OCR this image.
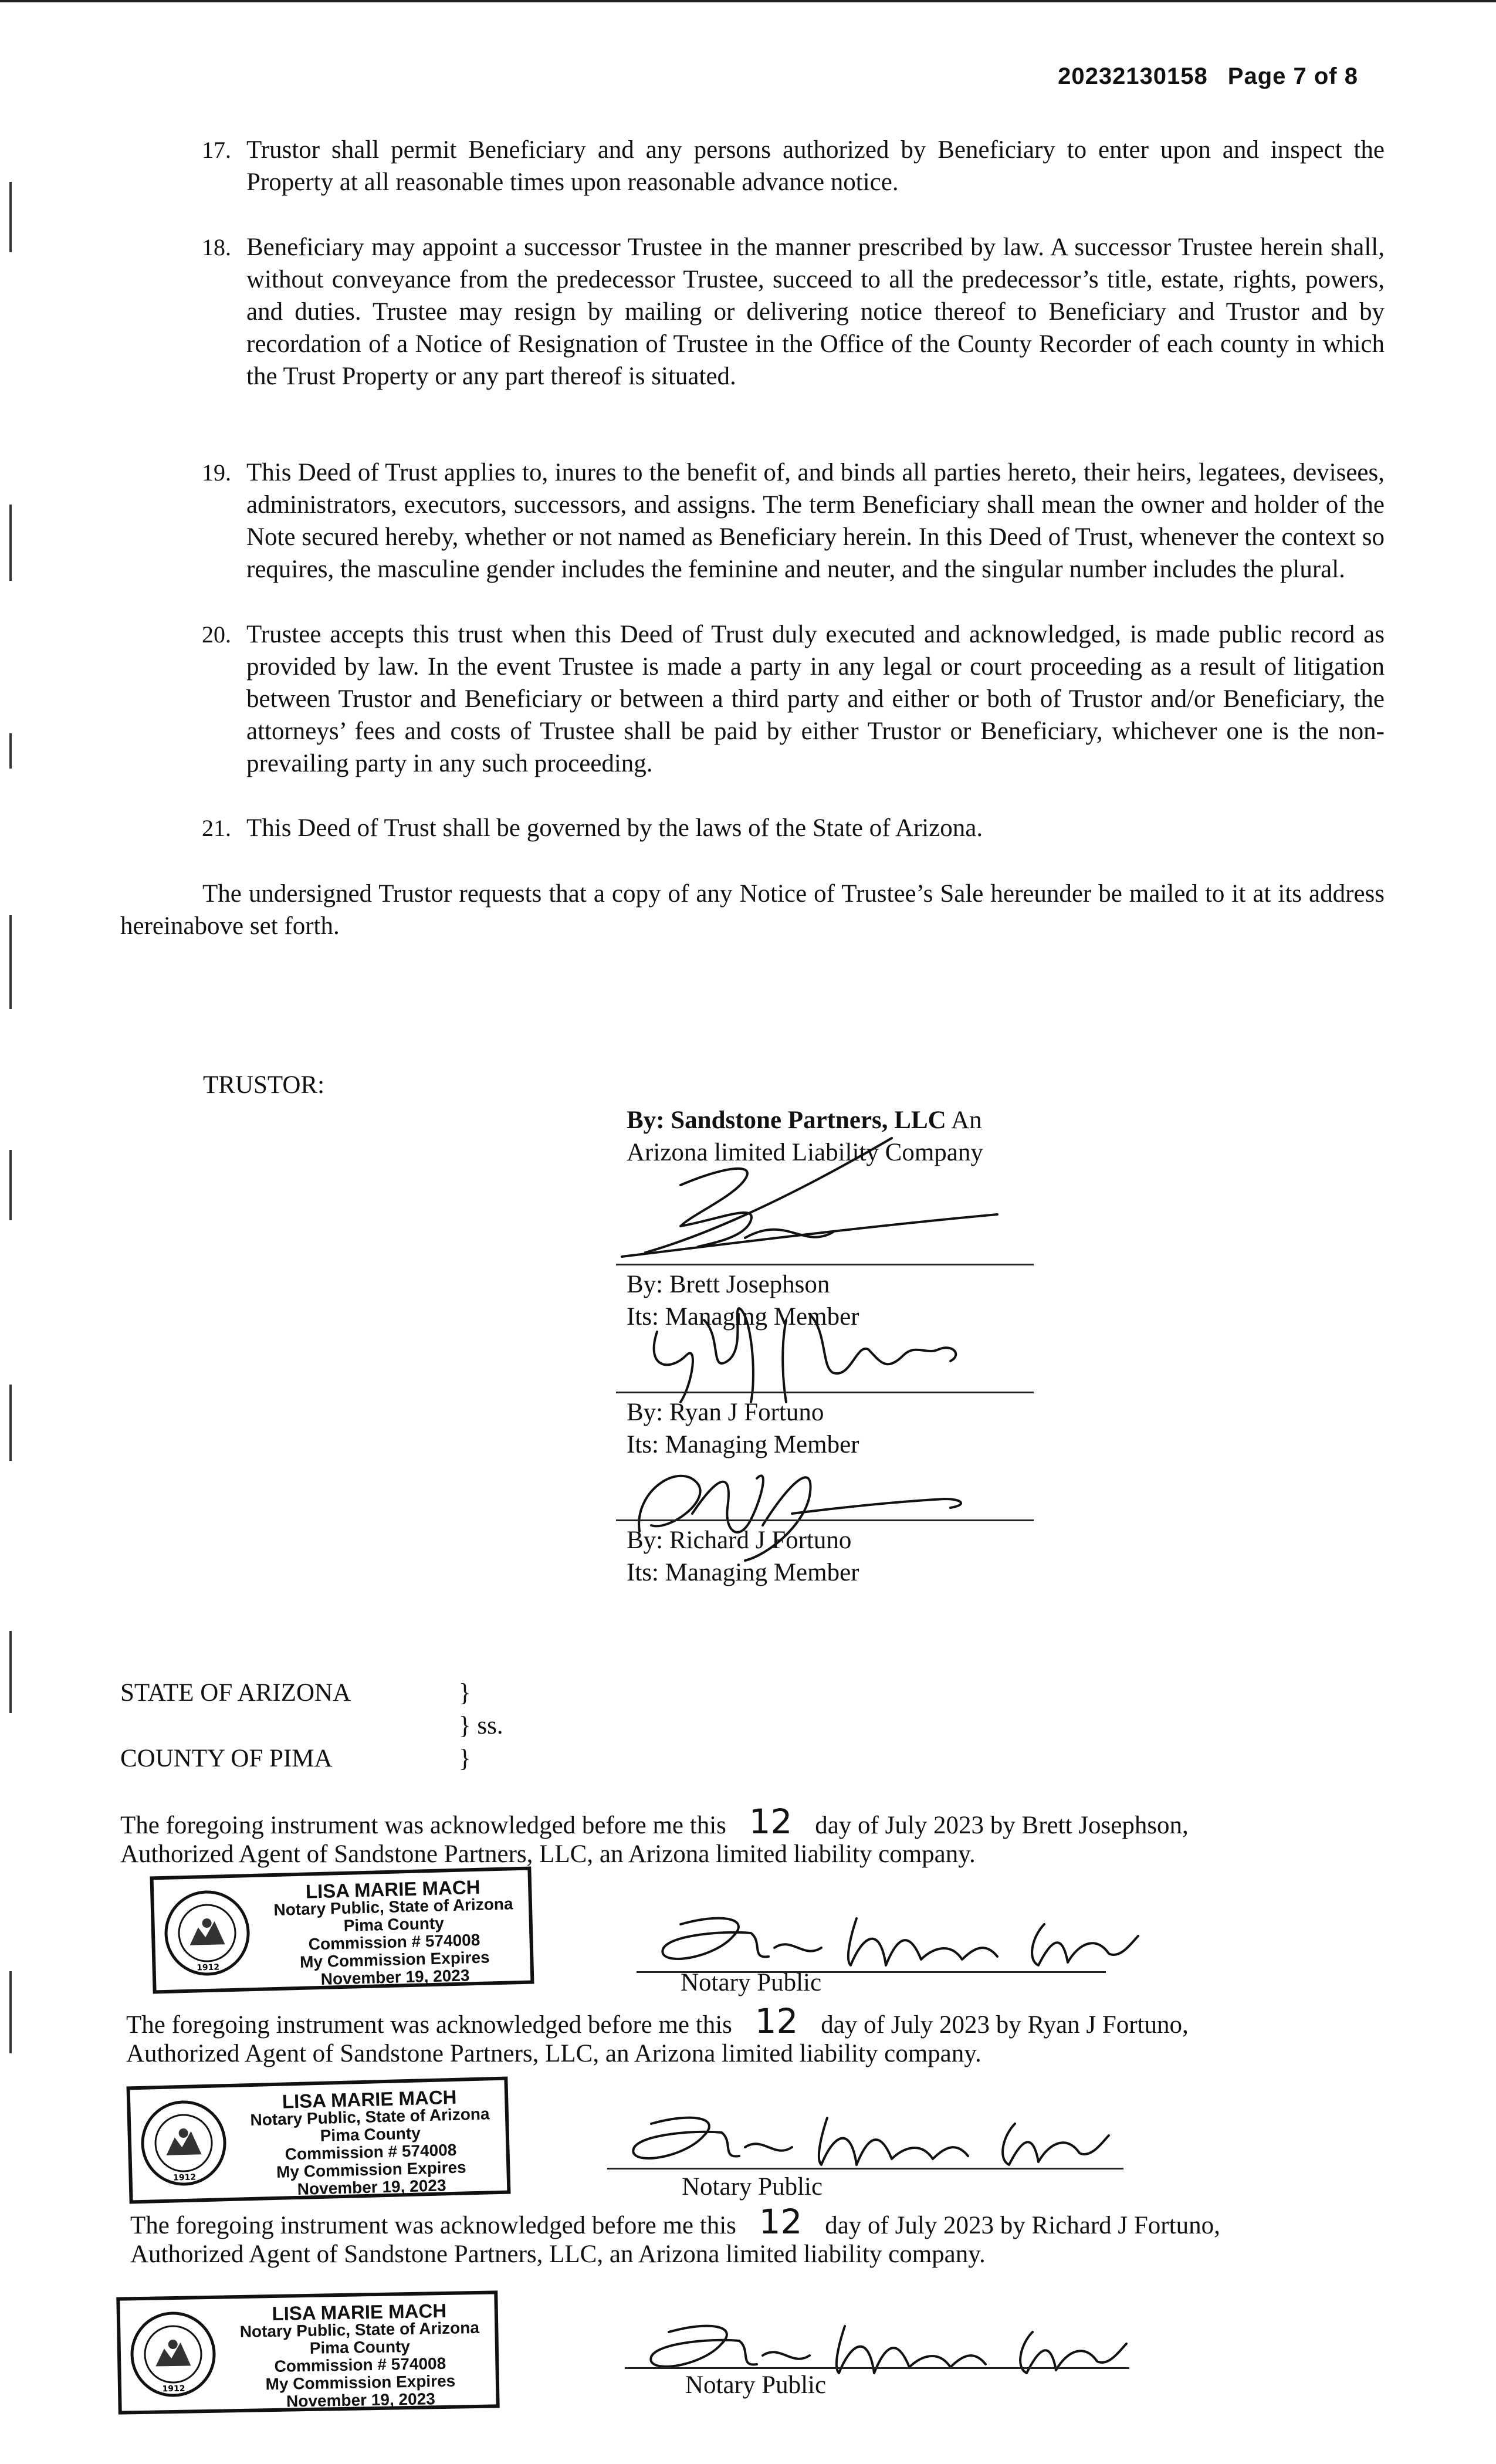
20232130158 Page 7 of 8
17. Trustor shall permit Beneficiary and any persons authorized by Beneficiary to enter upon and inspect the Property at all reasonable times upon reasonable advance notice.
18. Beneficiary may appoint a successor Trustee in the manner prescribed by law. A successor Trustee herein shall, without conveyance from the predecessor Trustee, succeed to all the predecessor’s title, estate, rights, powers, and duties. Trustee may resign by mailing or delivering notice thereof to Beneficiary and Trustor and by recordation of a Notice of Resignation of Trustee in the Office of the County Recorder of each county in which the Trust Property or any part thereof is situated.
19. This Deed of Trust applies to, inures to the benefit of, and binds all parties hereto, their heirs, legatees, devisees, administrators, executors, successors, and assigns. The term Beneficiary shall mean the owner and holder of the Note secured hereby, whether or not named as Beneficiary herein. In this Deed of Trust, whenever the context so requires, the masculine gender includes the feminine and neuter, and the singular number includes the plural.
20. Trustee accepts this trust when this Deed of Trust duly executed and acknowledged, is made public record as provided by law. In the event Trustee is made a party in any legal or court proceeding as a result of litigation between Trustor and Beneficiary or between a third party and either or both of Trustor and/or Beneficiary, the attorneys’ fees and costs of Trustee shall be paid by either Trustor or Beneficiary, whichever one is the non-prevailing party in any such proceeding.
21. This Deed of Trust shall be governed by the laws of the State of Arizona.
The undersigned Trustor requests that a copy of any Notice of Trustee’s Sale hereunder be mailed to it at its address hereinabove set forth.
TRUSTOR:
By: Sandstone Partners, LLC An
Arizona limited Liability Company
By: Brett Josephson
Its: Managing Member
By: Ryan J Fortuno
Its: Managing Member
By: Richard J Fortuno
Its: Managing Member
STATE OF ARIZONA	}
} ss.
COUNTY OF PIMA	}
The foregoing instrument was acknowledged before me this 12 day of July 2023 by Brett Josephson,
Authorized Agent of Sandstone Partners, LLC, an Arizona limited liability company.
The foregoing instrument was acknowledged before me this 12 day of July 2023 by Ryan J Fortuno,
Authorized Agent of Sandstone Partners, LLC, an Arizona limited liability company.
The foregoing instrument was acknowledged before me this 12 day of July 2023 by Richard J Fortuno,
Authorized Agent of Sandstone Partners, LLC, an Arizona limited liability company.
1912
LISA MARIE MACH
Notary Public, State of Arizona
Pima County
Commission # 574008
My Commission Expires
November 19, 2023
1912
LISA MARIE MACH
Notary Public, State of Arizona
Pima County
Commission # 574008
My Commission Expires
November 19, 2023
1912
LISA MARIE MACH
Notary Public, State of Arizona
Pima County
Commission # 574008
My Commission Expires
November 19, 2023
Notary Public
Notary Public
Notary Public
